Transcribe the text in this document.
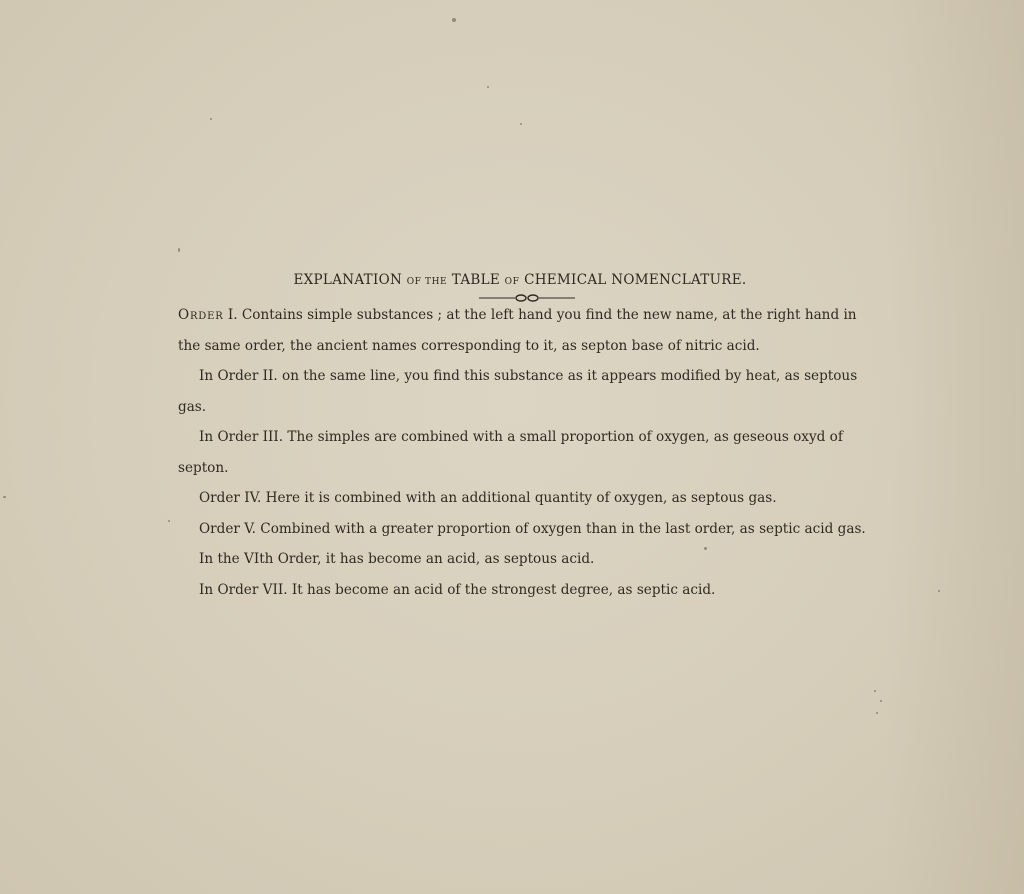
EXPLANATION OF THE TABLE OF CHEMICAL NOMENCLATURE.

Order I. Contains simple substances ; at the left hand you find the new name, at the right hand in the same order, the ancient names corresponding to it, as septon base of nitric acid.

In Order II. on the same line, you find this substance as it appears modified by heat, as septous gas.

In Order III. The simples are combined with a small proportion of oxygen, as geseous oxyd of septon.

Order IV. Here it is combined with an additional quantity of oxygen, as septous gas.

Order V. Combined with a greater proportion of oxygen than in the last order, as septic acid gas.

In the VIth Order, it has become an acid, as septous acid.

In Order VII. It has become an acid of the strongest degree, as septic acid.
